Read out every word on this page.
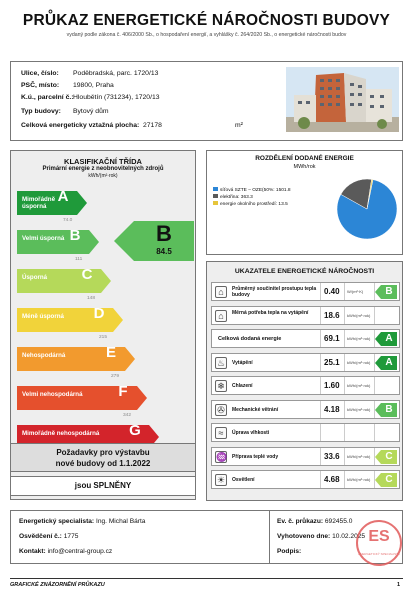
PRŮKAZ ENERGETICKÉ NÁROČNOSTI BUDOVY
vydaný podle zákona č. 406/2000 Sb., o hospodaření energií, a vyhlášky č. 264/2020 Sb., o energetické náročnosti budov
Ulice, číslo: Poděbradská, parc. 1720/13
PSČ, místo: 19800, Praha
K.ú., parcelní č.: Hloubětín (731234), 1720/13
Typ budovy: Bytový dům
Celková energeticky vztažná plocha: 27178	m²
KLASIFIKAČNÍ TŘÍDA
Primární energie z neobnovitelných zdrojů
kWh/(m²·rok)
Mimořádně úsporná
A
74.0
Velmi úsporná B
111
Úsporná	C
148
Méně úsporná	D
215
Nehospodárná	E
279
Velmi nehospodárná	F
342
Mimořádně nehospodárná	G
B
84.5
Požadavky pro výstavbu
nové budovy od 1.1.2022
jsou SPLNĚNY
ROZDĚLENÍ DODANÉ ENERGIE
MWh/rok
síťová SZTE – OZE(50%: 1501.8
elektřina: 363.3
energie okolního prostředí: 13.5
UKAZATELE ENERGETICKÉ NÁROČNOSTI
⌂	Průměrný součinitel prostupu tepla budovy	0.40 W/(m²·K)	B
⌂	Měrná potřeba tepla na vytápění	18.6 kWh/(m²·rok)
Celková dodaná energie	69.1 kWh/(m²·rok)	A
♨	Vytápění	25.1 kWh/(m²·rok)	A
❄	Chlazení	1.60 kWh/(m²·rok)
✇	Mechanické větrání	4.18 kWh/(m²·rok)	B
≈	Úprava vlhkosti
♒ Příprava teplé vody	33.6 kWh/(m²·rok)	C
☀	Osvětlení	4.68 kWh/(m²·rok)	C
Energetický specialista: Ing. Michal Bárta
Osvědčení č.: 1775
Kontakt: info@central-group.cz
Ev. č. průkazu: 692455.0
Vyhotoveno dne: 10.02.2025
Podpis:
ES
ENERGETICKÝ SPECIALISTA
GRAFICKÉ ZNÁZORNĚNÍ PRŮKAZU	1
